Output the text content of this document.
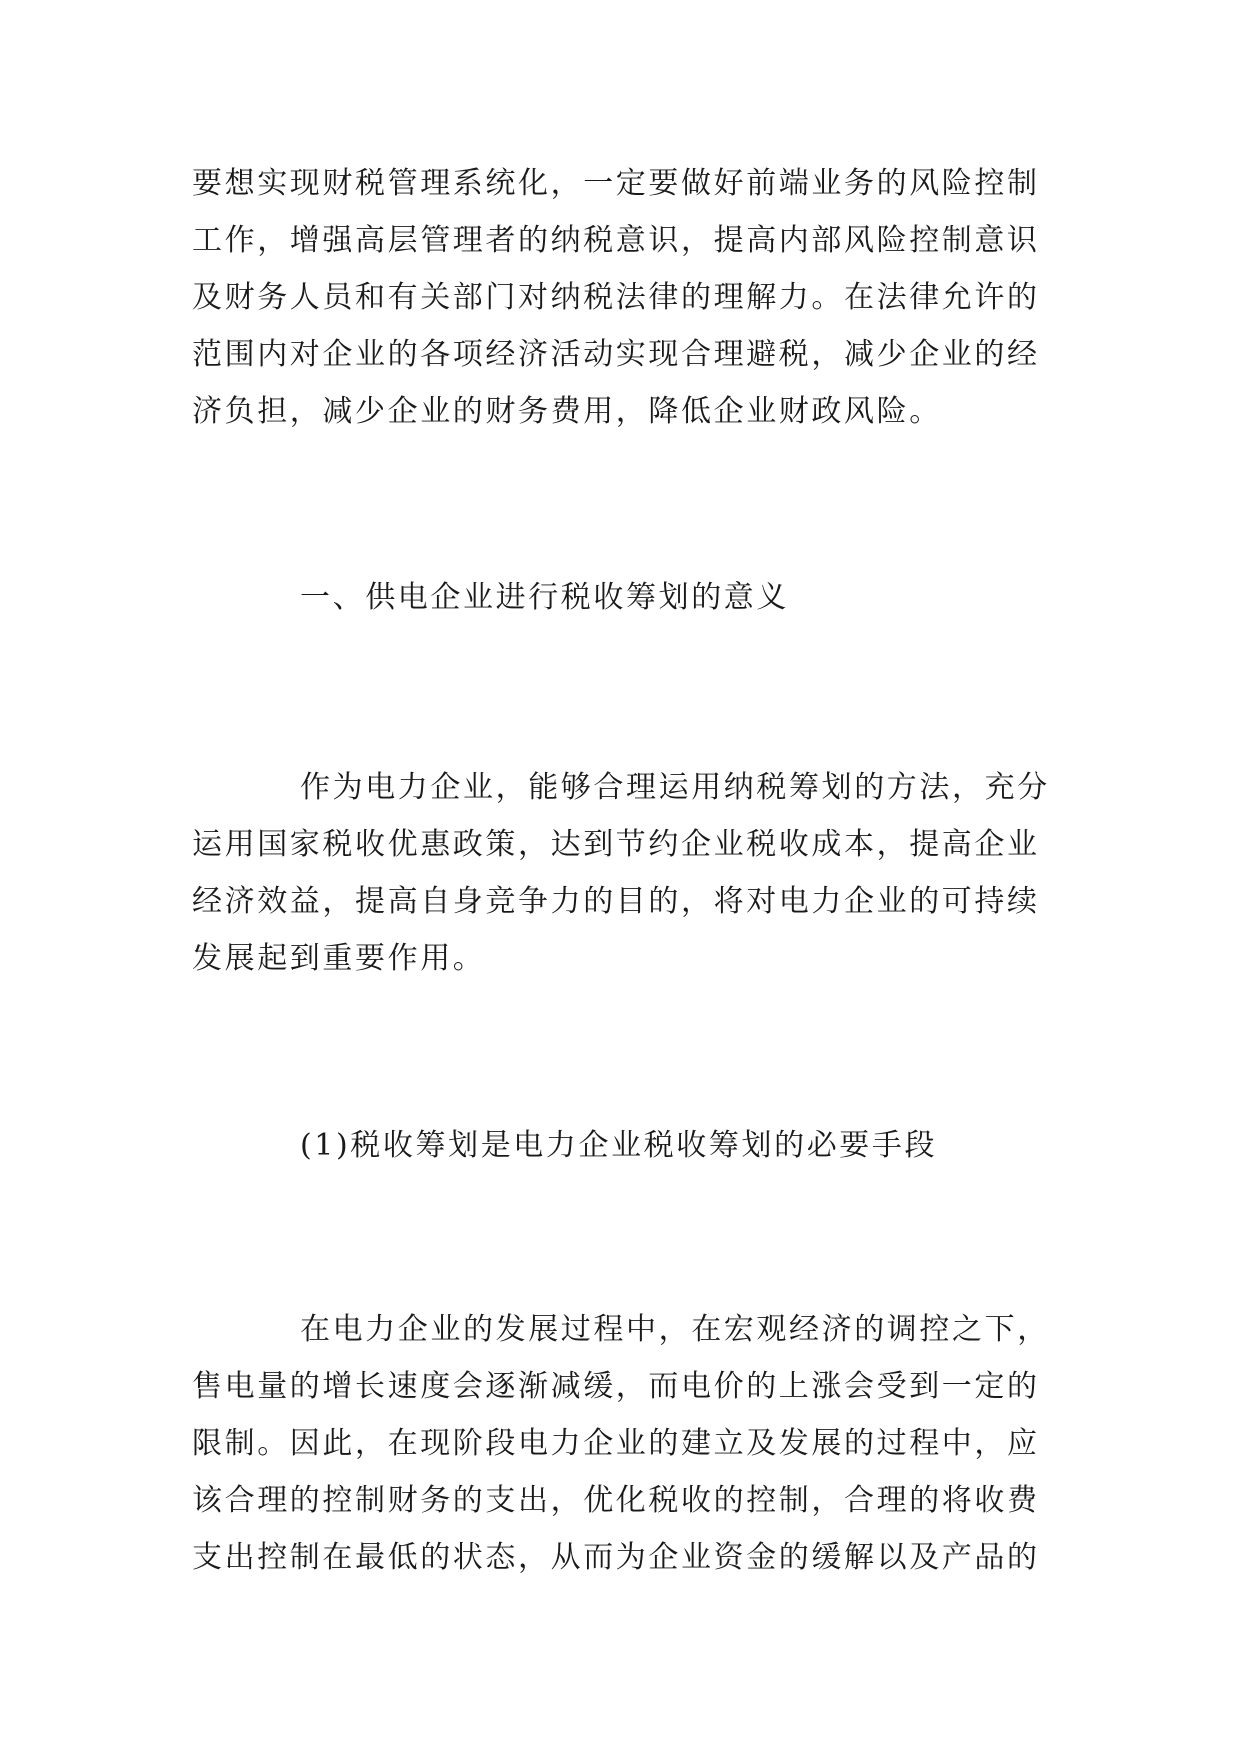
要想实现财税管理系统化，一定要做好前端业务的风险控制
工作，增强高层管理者的纳税意识，提高内部风险控制意识
及财务人员和有关部门对纳税法律的理解力。在法律允许的
范围内对企业的各项经济活动实现合理避税，减少企业的经
济负担，减少企业的财务费用，降低企业财政风险。
一、供电企业进行税收筹划的意义
作为电力企业，能够合理运用纳税筹划的方法，充分
运用国家税收优惠政策，达到节约企业税收成本，提高企业
经济效益，提高自身竞争力的目的，将对电力企业的可持续
发展起到重要作用。
(1)税收筹划是电力企业税收筹划的必要手段
在电力企业的发展过程中，在宏观经济的调控之下，
售电量的增长速度会逐渐减缓，而电价的上涨会受到一定的
限制。因此，在现阶段电力企业的建立及发展的过程中，应
该合理的控制财务的支出，优化税收的控制，合理的将收费
支出控制在最低的状态，从而为企业资金的缓解以及产品的
